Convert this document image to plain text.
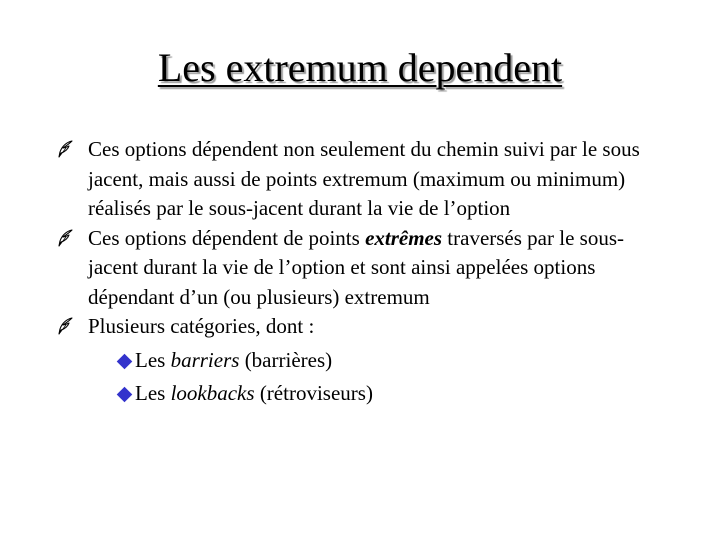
Les extremum dependent
Ces options dépendent non seulement du chemin suivi par le sous jacent, mais aussi de points extremum (maximum ou minimum) réalisés par le sous-jacent durant la vie de l’option
Ces options dépendent de points extrêmes traversés par le sous-jacent durant la vie de l’option et sont ainsi appelées options dépendant d’un (ou plusieurs) extremum
Plusieurs catégories, dont :
Les barriers (barrières)
Les lookbacks (rétroviseurs)
